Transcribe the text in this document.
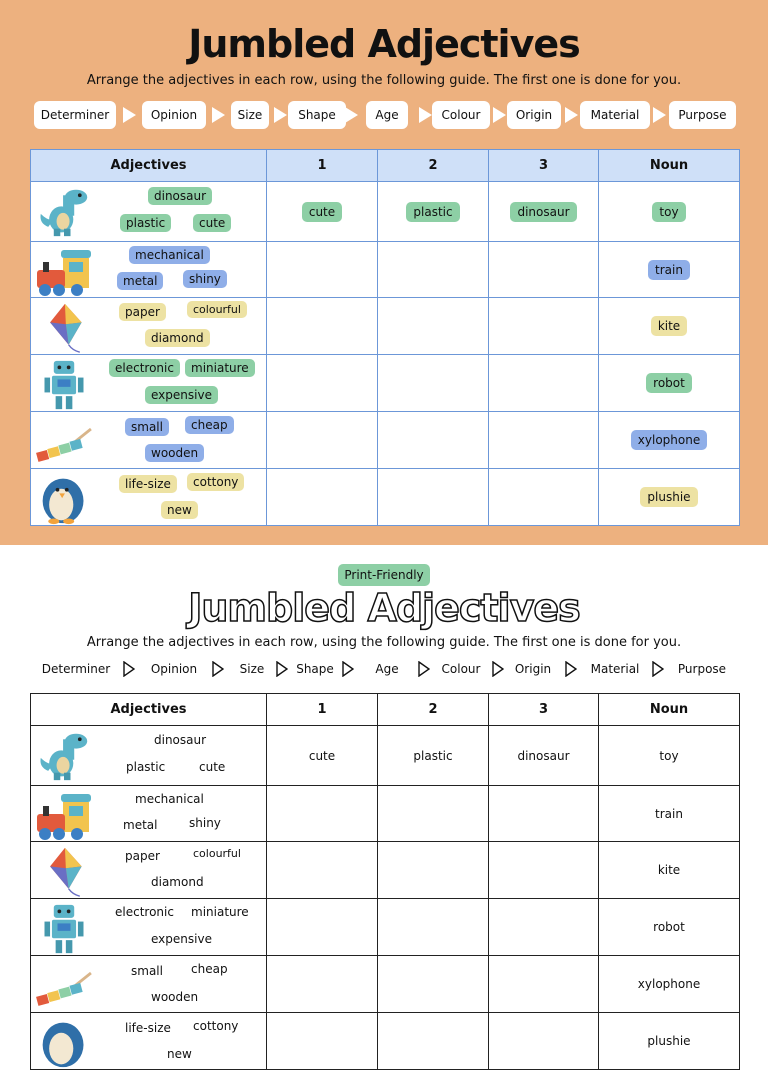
Jumbled Adjectives
Arrange the adjectives in each row, using the following guide. The first one is done for you.
Determiner	Opinion	Size	Shape	Age	Colour	Origin	Material	Purpose
Adjectives	1	2	3	Noun

dinosaur
plastic cute	cute	plastic	dinosaur	toy

mechanical
metal shiny				train

paper colourful
diamond				kite

electronic miniature
expensive				robot

small cheap
wooden				xylophone

life-size cottony
new				plushie
Print-Friendly
Jumbled Adjectives
Arrange the adjectives in each row, using the following guide. The first one is done for you.
Determiner	Opinion	Size	Shape	Age	Colour	Origin	Material	Purpose
Adjectives	1	2	3	Noun

dinosaur
plastic cute	cute	plastic	dinosaur	toy

mechanical
metal shiny				train

paper colourful
diamond				kite

electronic miniature
expensive				robot

small cheap
wooden				xylophone

life-size cottony
new				plushie
